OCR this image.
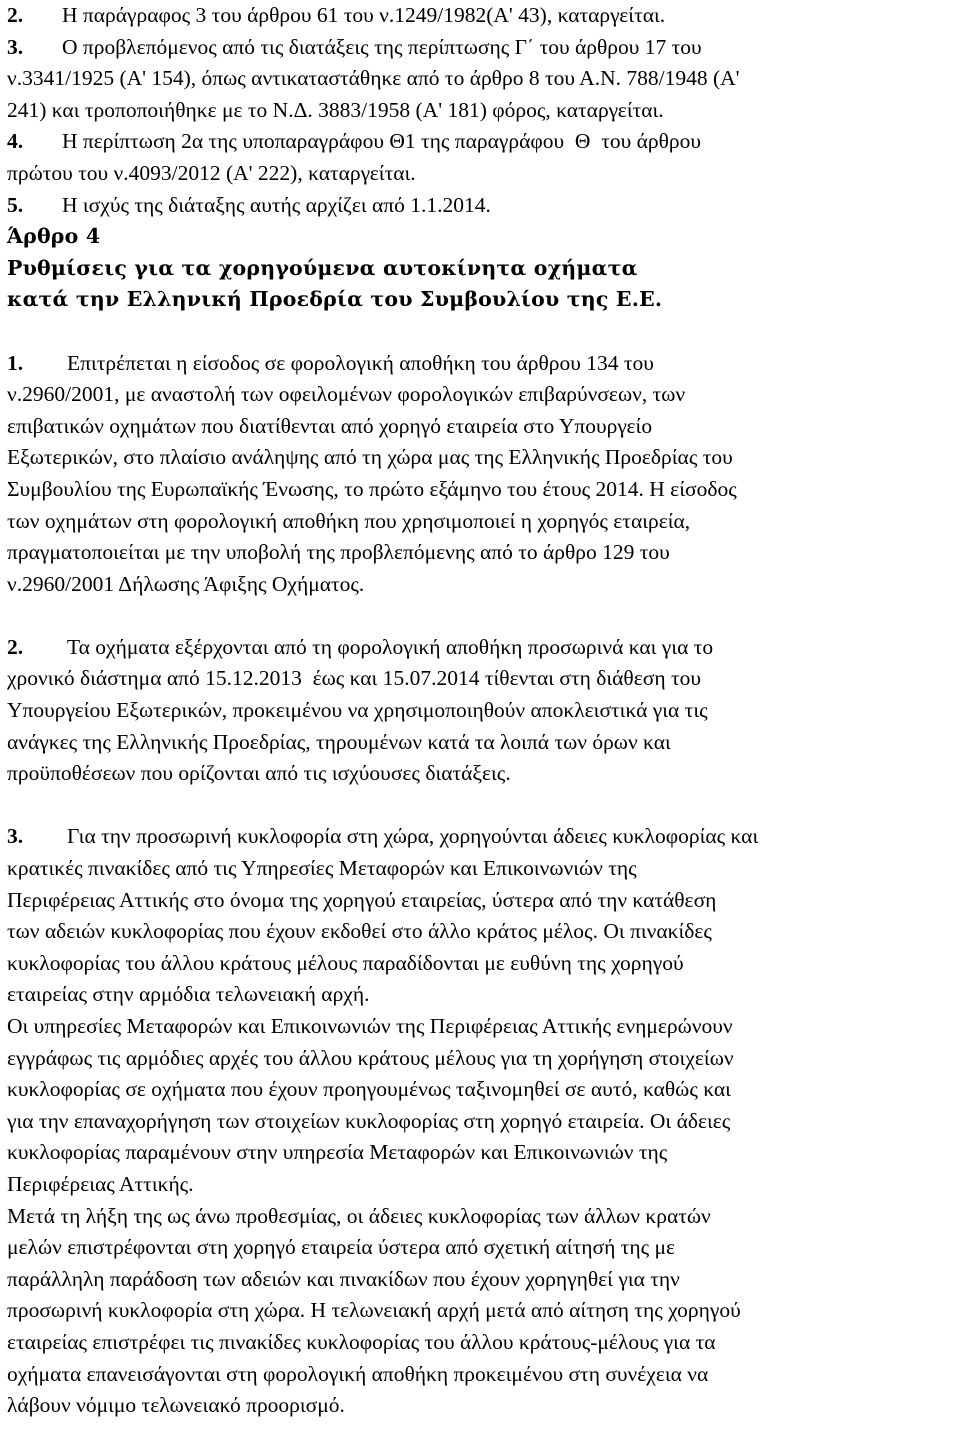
2. Η παράγραφος 3 του άρθρου 61 του ν.1249/1982(Α' 43), καταργείται.
3. Ο προβλεπόμενος από τις διατάξεις της περίπτωσης Γ΄ του άρθρου 17 του
ν.3341/1925 (Α' 154), όπως αντικαταστάθηκε από το άρθρο 8 του Α.Ν. 788/1948 (Α'
241) και τροποποιήθηκε με το Ν.Δ. 3883/1958 (Α' 181) φόρος, καταργείται.
4. Η περίπτωση 2α της υποπαραγράφου Θ1 της παραγράφου  Θ  του άρθρου
πρώτου του ν.4093/2012 (Α' 222), καταργείται.
5. Η ισχύς της διάταξης αυτής αρχίζει από 1.1.2014.
Άρθρο 4
Ρυθμίσεις για τα χορηγούμενα αυτοκίνητα οχήματα
κατά την Ελληνική Προεδρία του Συμβουλίου της Ε.Ε.
1. Επιτρέπεται η είσοδος σε φορολογική αποθήκη του άρθρου 134 του
ν.2960/2001, με αναστολή των οφειλομένων φορολογικών επιβαρύνσεων, των
επιβατικών οχημάτων που διατίθενται από χορηγό εταιρεία στο Υπουργείο
Εξωτερικών, στο πλαίσιο ανάληψης από τη χώρα μας της Ελληνικής Προεδρίας του
Συμβουλίου της Ευρωπαϊκής Ένωσης, το πρώτο εξάμηνο του έτους 2014. Η είσοδος
των οχημάτων στη φορολογική αποθήκη που χρησιμοποιεί η χορηγός εταιρεία,
πραγματοποιείται με την υποβολή της προβλεπόμενης από το άρθρο 129 του
ν.2960/2001 Δήλωσης Άφιξης Οχήματος.
2. Τα οχήματα εξέρχονται από τη φορολογική αποθήκη προσωρινά και για το
χρονικό διάστημα από 15.12.2013  έως και 15.07.2014 τίθενται στη διάθεση του
Υπουργείου Εξωτερικών, προκειμένου να χρησιμοποιηθούν αποκλειστικά για τις
ανάγκες της Ελληνικής Προεδρίας, τηρουμένων κατά τα λοιπά των όρων και
προϋποθέσεων που ορίζονται από τις ισχύουσες διατάξεις.
3. Για την προσωρινή κυκλοφορία στη χώρα, χορηγούνται άδειες κυκλοφορίας και
κρατικές πινακίδες από τις Υπηρεσίες Μεταφορών και Επικοινωνιών της
Περιφέρειας Αττικής στο όνομα της χορηγού εταιρείας, ύστερα από την κατάθεση
των αδειών κυκλοφορίας που έχουν εκδοθεί στο άλλο κράτος μέλος. Οι πινακίδες
κυκλοφορίας του άλλου κράτους μέλους παραδίδονται με ευθύνη της χορηγού
εταιρείας στην αρμόδια τελωνειακή αρχή.
Οι υπηρεσίες Μεταφορών και Επικοινωνιών της Περιφέρειας Αττικής ενημερώνουν
εγγράφως τις αρμόδιες αρχές του άλλου κράτους μέλους για τη χορήγηση στοιχείων
κυκλοφορίας σε οχήματα που έχουν προηγουμένως ταξινομηθεί σε αυτό, καθώς και
για την επαναχορήγηση των στοιχείων κυκλοφορίας στη χορηγό εταιρεία. Οι άδειες
κυκλοφορίας παραμένουν στην υπηρεσία Μεταφορών και Επικοινωνιών της
Περιφέρειας Αττικής.
Μετά τη λήξη της ως άνω προθεσμίας, οι άδειες κυκλοφορίας των άλλων κρατών
μελών επιστρέφονται στη χορηγό εταιρεία ύστερα από σχετική αίτησή της με
παράλληλη παράδοση των αδειών και πινακίδων που έχουν χορηγηθεί για την
προσωρινή κυκλοφορία στη χώρα. Η τελωνειακή αρχή μετά από αίτηση της χορηγού
εταιρείας επιστρέφει τις πινακίδες κυκλοφορίας του άλλου κράτους-μέλους για τα
οχήματα επανεισάγονται στη φορολογική αποθήκη προκειμένου στη συνέχεια να
λάβουν νόμιμο τελωνειακό προορισμό.
